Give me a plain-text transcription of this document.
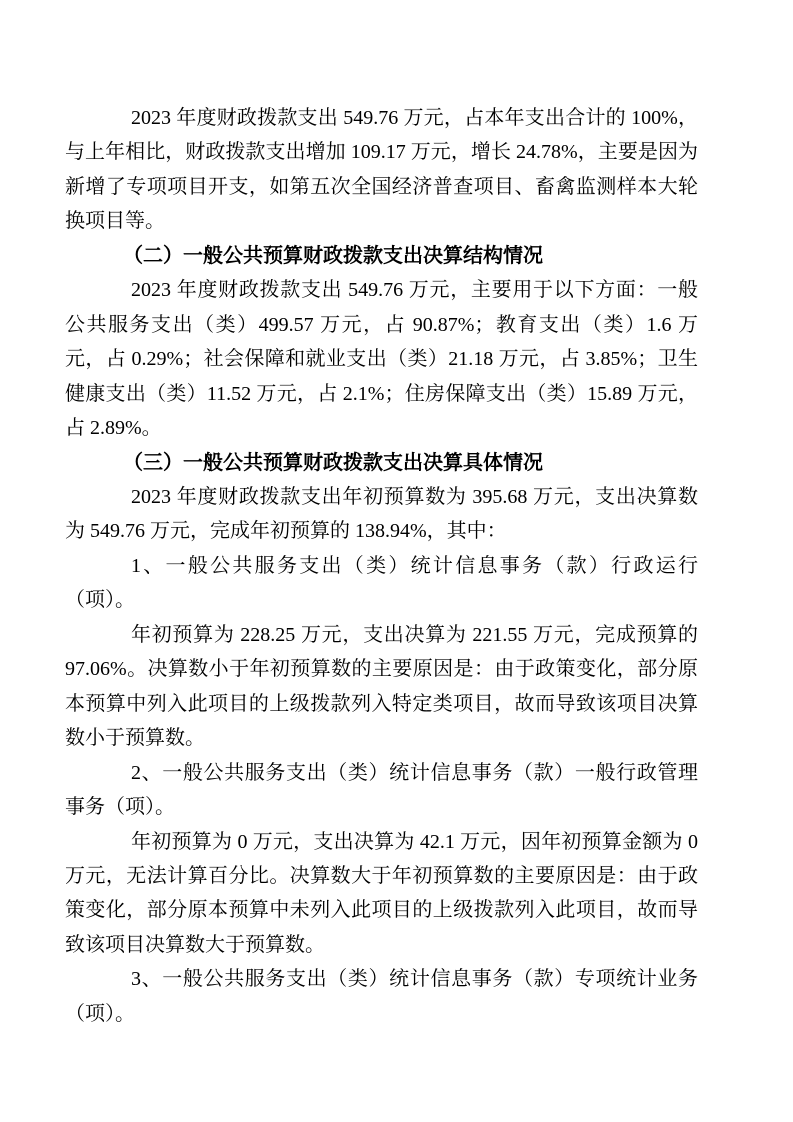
2023 年度财政拨款支出 549.76 万元，占本年支出合计的 100%，与上年相比，财政拨款支出增加 109.17 万元，增长 24.78%，主要是因为新增了专项项目开支，如第五次全国经济普查项目、畜禽监测样本大轮换项目等。

（二）一般公共预算财政拨款支出决算结构情况

2023 年度财政拨款支出 549.76 万元，主要用于以下方面：一般公共服务支出（类）499.57 万元，占 90.87%；教育支出（类）1.6 万元，占 0.29%；社会保障和就业支出（类）21.18 万元，占 3.85%；卫生健康支出（类）11.52 万元，占 2.1%；住房保障支出（类）15.89 万元，占 2.89%。

（三）一般公共预算财政拨款支出决算具体情况

2023 年度财政拨款支出年初预算数为 395.68 万元，支出决算数为 549.76 万元，完成年初预算的 138.94%，其中：

1、一般公共服务支出（类）统计信息事务（款）行政运行（项）。

年初预算为 228.25 万元，支出决算为 221.55 万元，完成预算的 97.06%。决算数小于年初预算数的主要原因是：由于政策变化，部分原本预算中列入此项目的上级拨款列入特定类项目，故而导致该项目决算数小于预算数。

2、一般公共服务支出（类）统计信息事务（款）一般行政管理事务（项）。

年初预算为 0 万元，支出决算为 42.1 万元，因年初预算金额为 0 万元，无法计算百分比。决算数大于年初预算数的主要原因是：由于政策变化，部分原本预算中未列入此项目的上级拨款列入此项目，故而导致该项目决算数大于预算数。

3、一般公共服务支出（类）统计信息事务（款）专项统计业务（项）。
